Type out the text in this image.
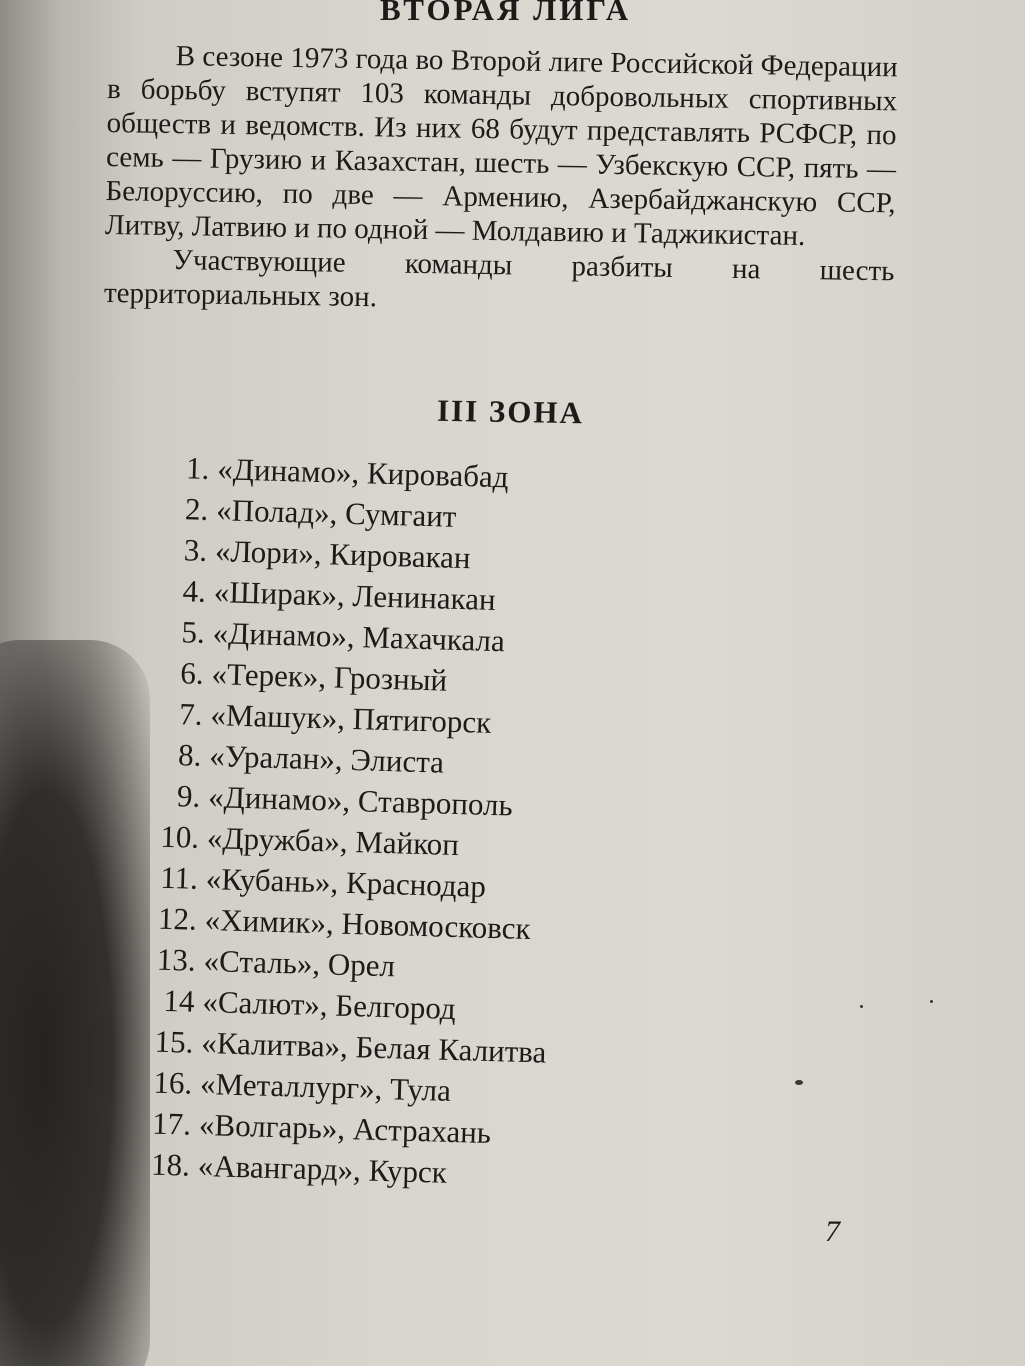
ВТОРАЯ ЛИГА

В сезоне 1973 года во Второй лиге Российской Федерации в борьбу вступят 103 команды добровольных спортивных обществ и ведомств. Из них 68 будут представлять РСФСР, по семь — Грузию и Казахстан, шесть — Узбекскую ССР, пять — Белоруссию, по две — Армению, Азербайджанскую ССР, Литву, Латвию и по одной — Молдавию и Таджикистан.

Участвующие команды разбиты на шесть территориальных зон.

III ЗОНА
1. «Динамо», Кировабад
2. «Полад», Сумгаит
3. «Лори», Кировакан
4. «Ширак», Ленинакан
5. «Динамо», Махачкала
6. «Терек», Грозный
7. «Машук», Пятигорск
8. «Уралан», Элиста
9. «Динамо», Ставрополь
10. «Дружба», Майкоп
11. «Кубань», Краснодар
12. «Химик», Новомосковск
13. «Сталь», Орел
14 «Салют», Белгород
15. «Калитва», Белая Калитва
16. «Металлург», Тула
17. «Волгарь», Астрахань
18. «Авангард», Курск
7
